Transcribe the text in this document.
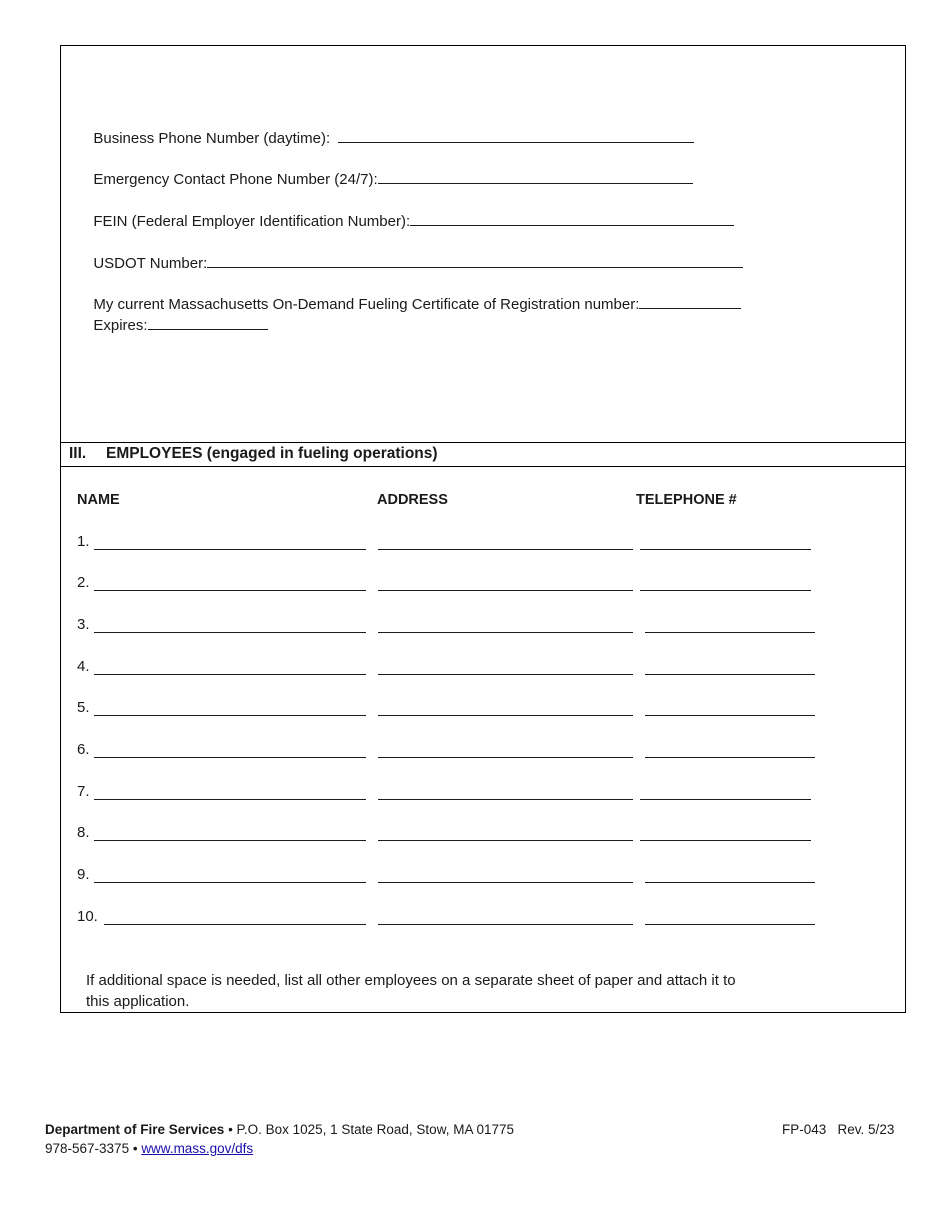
Business Phone Number (daytime):

Emergency Contact Phone Number (24/7):

FEIN (Federal Employer Identification Number):

USDOT Number:

My current Massachusetts On-Demand Fueling Certificate of Registration number:

Expires:

III. EMPLOYEES (engaged in fueling operations)
NAME	ADDRESS	TELEPHONE #
1.
2.
3.
4.
5.
6.
7.
8.
9.
10.
If additional space is needed, list all other employees on a separate sheet of paper and attach it to
this application.
Department of Fire Services • P.O. Box 1025, 1 State Road, Stow, MA 01775
978-567-3375 • www.mass.gov/dfs
FP-043 Rev. 5/23
